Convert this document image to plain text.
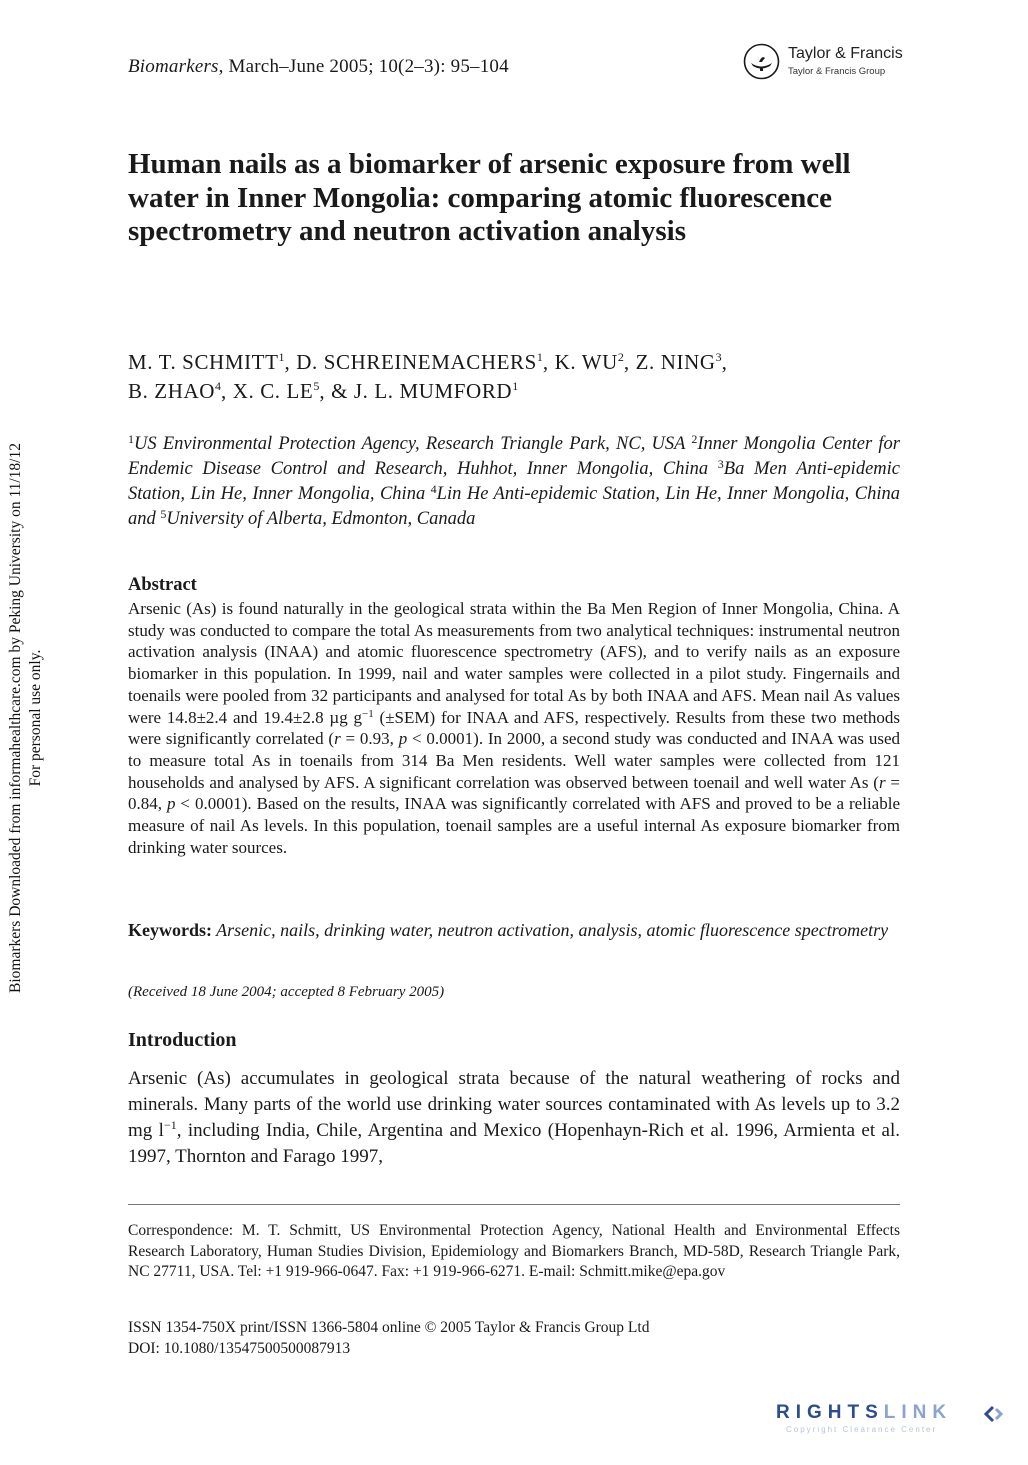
Biomarkers, March–June 2005; 10(2–3): 95–104
Taylor & Francis
Taylor & Francis Group
Human nails as a biomarker of arsenic exposure from well water in Inner Mongolia: comparing atomic fluorescence spectrometry and neutron activation analysis
M. T. SCHMITT$^1$, D. SCHREINEMACHERS$^1$, K. $WU^2$, Z. NING$^3$,
B. ZHAO$^4$, X. C. $LE^5$, & J. L. MUMFORD$^1$
$^1$US Environmental Protection Agency, Research Triangle Park, NC, USA $^2$Inner Mongolia Center for Endemic Disease Control and Research, Huhhot, Inner Mongolia, China $^3$Ba Men Anti-epidemic Station, Lin He, Inner Mongolia, China $^4$Lin He Anti-epidemic Station, Lin He, Inner Mongolia, China and $^5$University of Alberta, Edmonton, Canada
Abstract

Arsenic (As) is found naturally in the geological strata within the Ba Men Region of Inner Mongolia, China. A study was conducted to compare the total As measurements from two analytical techniques: instrumental neutron activation analysis (INAA) and atomic fluorescence spectrometry (AFS), and to verify nails as an exposure biomarker in this population. In 1999, nail and water samples were collected in a pilot study. Fingernails and toenails were pooled from 32 participants and analysed for total As by both INAA and AFS. Mean nail As values were 14.8±2.4 and 19.4±2.8 µg $g^{-1}$ (±SEM) for INAA and AFS, respectively. Results from these two methods were significantly correlated (r = 0.93, p < 0.0001). In 2000, a second study was conducted and INAA was used to measure total As in toenails from 314 Ba Men residents. Well water samples were collected from 121 households and analysed by AFS. A significant correlation was observed between toenail and well water As (r = 0.84, p < 0.0001). Based on the results, INAA was significantly correlated with AFS and proved to be a reliable measure of nail As levels. In this population, toenail samples are a useful internal As exposure biomarker from drinking water sources.

Keywords: Arsenic, nails, drinking water, neutron activation, analysis, atomic fluorescence spectrometry
(Received 18 June 2004; accepted 8 February 2005)
Introduction

Arsenic (As) accumulates in geological strata because of the natural weathering of rocks and minerals. Many parts of the world use drinking water sources contaminated with As levels up to 3.2 mg $l^{-1}$, including India, Chile, Argentina and Mexico (Hopenhayn-Rich et al. 1996, Armienta et al. 1997, Thornton and Farago 1997,

Correspondence: M. T. Schmitt, US Environmental Protection Agency, National Health and Environmental Effects Research Laboratory, Human Studies Division, Epidemiology and Biomarkers Branch, MD-58D, Research Triangle Park, NC 27711, USA. Tel: +1 919-966-0647. Fax: +1 919-966-6271. E-mail: Schmitt.mike@epa.gov

ISSN 1354-750X print/ISSN 1366-5804 online © 2005 Taylor & Francis Group Ltd
DOI: 10.1080/13547500500087913
Biomarkers Downloaded from informahealthcare.com by Peking University on 11/18/12 For personal use only.
RIGHTSLINK
Copyright Clearance Center
